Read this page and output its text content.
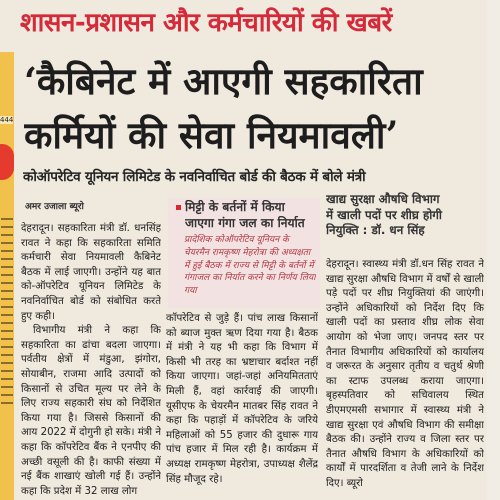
शासन-प्रशासन और कर्मचारियों की खबरें
444
‘कैबिनेट में आएगी सहकारिता
कर्मियों की सेवा नियमावली’
कोऑपरेटिव यूनियन लिमिटेड के नवनिर्वाचित बोर्ड की बैठक में बोले मंत्री
अमर उजाला ब्यूरो

देहरादून। सहकारिता मंत्री डॉ. धनसिंह रावत ने कहा कि सहकारिता समिति कर्मचारी सेवा नियमावली कैबिनेट बैठक में लाई जाएगी। उन्होंने यह बात को-ऑपरेटिव यूनियन लिमिटेड के नवनिर्वाचित बोर्ड को संबोधित करते हुए कही।

विभागीय मंत्री ने कहा कि सहकारिता का ढांचा बदला जाएगा। पर्वतीय क्षेत्रों में मंडुआ, झंगोरा, सोयाबीन, राजमा आदि उत्पादों को किसानों से उचित मूल्य पर लेने के लिए राज्य सहकारी संघ को निर्देशित किया गया है। जिससे किसानों की आय 2022 में दोगुनी हो सके। मंत्री ने कहा कि कॉपरेटिव बैंक ने एनपीए की अच्छी वसूली की है। काफी संख्या में नई बैंक शाखाएं खोली गई हैं। उन्होंने कहा कि प्रदेश में 32 लाख लोग

मिट्टी के बर्तनों में किया
जाएगा गंगा जल का निर्यात
प्रादेशिक कोऑपरेटिव यूनियन के चेयरमैन रामकृष्ण मेहरोत्रा की अध्यक्षता में हुई बैठक में राज्य से मिट्टी के बर्तनों में गंगाजल का निर्यात करने का निर्णय लिया गया

कॉपरेटिव से जुड़े हैं। पांच लाख किसानों को ब्याज मुक्त ऋण दिया गया है। बैठक में मंत्री ने यह भी कहा कि विभाग में किसी भी तरह का भ्रष्टाचार बर्दाश्त नहीं किया जाएगा। जहां-जहां अनियमितताएं मिली हैं, वहां कार्रवाई की जाएगी। यूसीएफ के चेयरमैन मातबर सिंह रावत ने कहा कि पहाड़ों में कॉपरेटिव के जरिये महिलाओं को 55 हजार की दुधारू गाय पांच हजार में मिल रही है। कार्यक्रम में अध्यक्ष रामकृष्ण मेहरोत्रा, उपाध्यक्ष शैलेंद्र सिंह मौजूद रहे।

खाद्य सुरक्षा औषधि विभाग
में खाली पदों पर शीघ्र होगी
नियुक्ति : डॉ. धन सिंह

देहरादून। स्वास्थ्य मंत्री डॉ.धन सिंह रावत ने खाद्य सुरक्षा औषधि विभाग में वर्षों से खाली पड़े पदों पर शीघ्र नियुक्तियां की जाएंगी। उन्होंने अधिकारियों को निर्देश दिए कि खाली पदों का प्रस्ताव शीघ्र लोक सेवा आयोग को भेजा जाए। जनपद स्तर पर तैनात विभागीय अधिकारियों को कार्यालय व जरूरत के अनुसार तृतीय व चतुर्थ श्रेणी का स्टाफ उपलब्ध कराया जाएगा। बृहस्पतिवार को सचिवालय स्थित डीएमएमसी सभागार में स्वास्थ्य मंत्री ने खाद्य सुरक्षा एवं औषधि विभाग की समीक्षा बैठक की। उन्होंने राज्य व जिला स्तर पर तैनात औषधि विभाग के अधिकारियों को कार्यों में पारदर्शिता व तेजी लाने के निर्देश दिए। ब्यूरो
